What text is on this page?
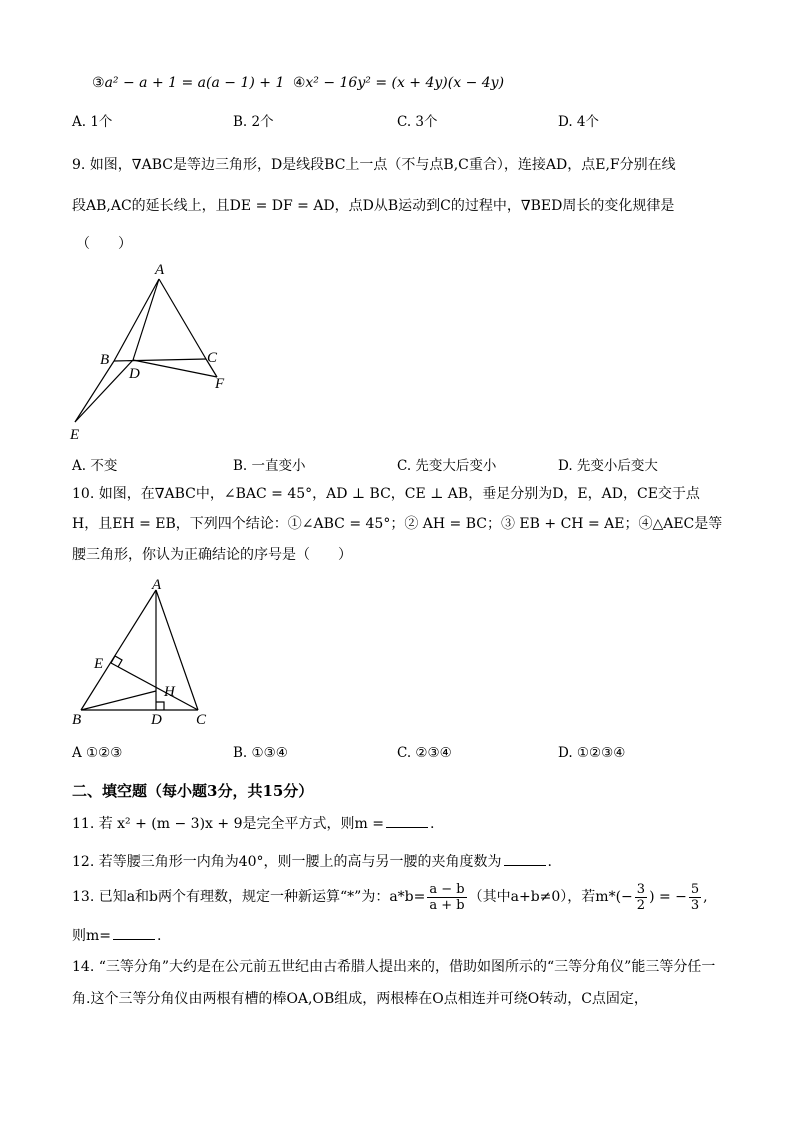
③a² − a + 1 = a(a − 1) + 1 ④x² − 16y² = (x + 4y)(x − 4y)
A. 1个	B. 2个	C. 3个	D. 4个
9. 如图，∇ABC是等边三角形，D是线段BC上一点（不与点B,C重合），连接AD，点E,F分别在线
段AB,AC的延长线上，且DE = DF = AD，点D从B运动到C的过程中，∇BED周长的变化规律是
（　　）
A
B	C
D
E
F
A. 不变	B. 一直变小	C. 先变大后变小	D. 先变小后变大
10. 如图，在∇ABC中，∠BAC = 45°，AD ⊥ BC，CE ⊥ AB，垂足分别为D，E，AD，CE交于点
H，且EH = EB，下列四个结论：①∠ABC = 45°；② AH = BC；③ EB + CH = AE；④△AEC是等
腰三角形，你认为正确结论的序号是（　　）
A
B	C
D
E
H
A ①②③	B. ①③④	C. ②③④	D. ①②③④
二、填空题（每小题3分，共15分）
11. 若 x² + (m − 3)x + 9是完全平方式，则m =	.
12. 若等腰三角形一内角为40°，则一腰上的高与另一腰的夹角度数为	.
13. 已知a和b两个有理数，规定一种新运算“*”为：$a*b= \frac{a - b}{a + b}$ （其中a+b≠0），若$m*(- \frac{3}{2}$ ) = − $\frac{5}{3}$ ,
则m=	.
14. “三等分角”大约是在公元前五世纪由古希腊人提出来的，借助如图所示的“三等分角仪”能三等分任一
角.这个三等分角仪由两根有槽的棒OA,OB组成，两根棒在O点相连并可绕O转动，C点固定，
